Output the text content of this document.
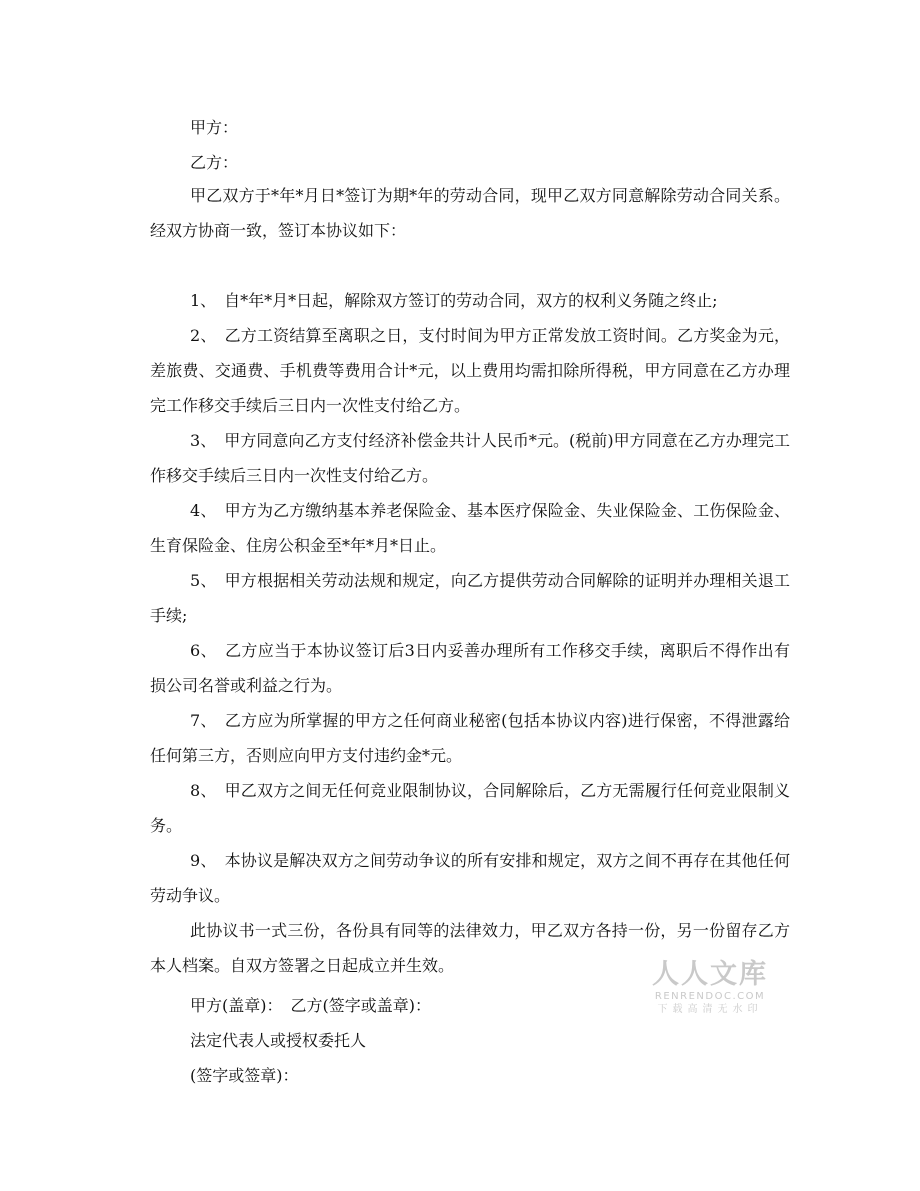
甲方：
乙方：
甲乙双方于*年*月日*签订为期*年的劳动合同，现甲乙双方同意解除劳动合同关系。经双方协商一致，签订本协议如下：
1、　自*年*月*日起，解除双方签订的劳动合同，双方的权利义务随之终止;
2、　乙方工资结算至离职之日，支付时间为甲方正常发放工资时间。乙方奖金为元，差旅费、交通费、手机费等费用合计*元，以上费用均需扣除所得税，甲方同意在乙方办理完工作移交手续后三日内一次性支付给乙方。
3、　甲方同意向乙方支付经济补偿金共计人民币*元。(税前)甲方同意在乙方办理完工作移交手续后三日内一次性支付给乙方。
4、　甲方为乙方缴纳基本养老保险金、基本医疗保险金、失业保险金、工伤保险金、生育保险金、住房公积金至*年*月*日止。
5、　甲方根据相关劳动法规和规定，向乙方提供劳动合同解除的证明并办理相关退工手续;
6、　乙方应当于本协议签订后3日内妥善办理所有工作移交手续，离职后不得作出有损公司名誉或利益之行为。
7、　乙方应为所掌握的甲方之任何商业秘密(包括本协议内容)进行保密，不得泄露给任何第三方，否则应向甲方支付违约金*元。
8、　甲乙双方之间无任何竞业限制协议，合同解除后，乙方无需履行任何竞业限制义务。
9、　本协议是解决双方之间劳动争议的所有安排和规定，双方之间不再存在其他任何劳动争议。
此协议书一式三份，各份具有同等的法律效力，甲乙双方各持一份，另一份留存乙方本人档案。自双方签署之日起成立并生效。
甲方(盖章)：　乙方(签字或盖章)：
法定代表人或授权委托人
(签字或签章)：
人人文库
RENRENDOC.COM
下载高清无水印
